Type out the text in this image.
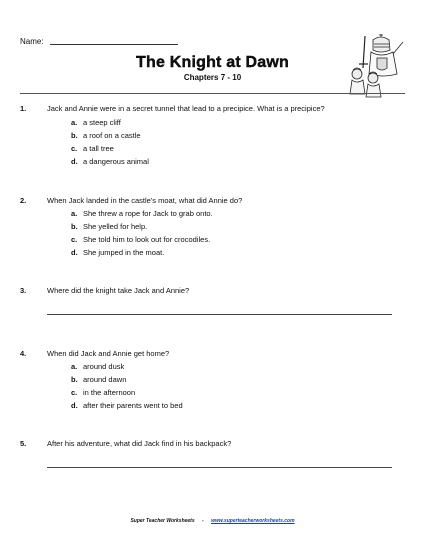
Name:
The Knight at Dawn
Chapters 7 - 10
1.	Jack and Annie were in a secret tunnel that lead to a precipice. What is a precipice?
a. a steep cliff
b. a roof on a castle
c. a tall tree
d. a dangerous animal
2.	When Jack landed in the castle's moat, what did Annie do?
a. She threw a rope for Jack to grab onto.
b. She yelled for help.
c. She told him to look out for crocodiles.
d. She jumped in the moat.
3.	Where did the knight take Jack and Annie?
4.	When did Jack and Annie get home?
a. around dusk
b. around dawn
c. in the afternoon
d. after their parents went to bed
5.	After his adventure, what did Jack find in his backpack?
Super Teacher Worksheets - www.superteacherworksheets.com
